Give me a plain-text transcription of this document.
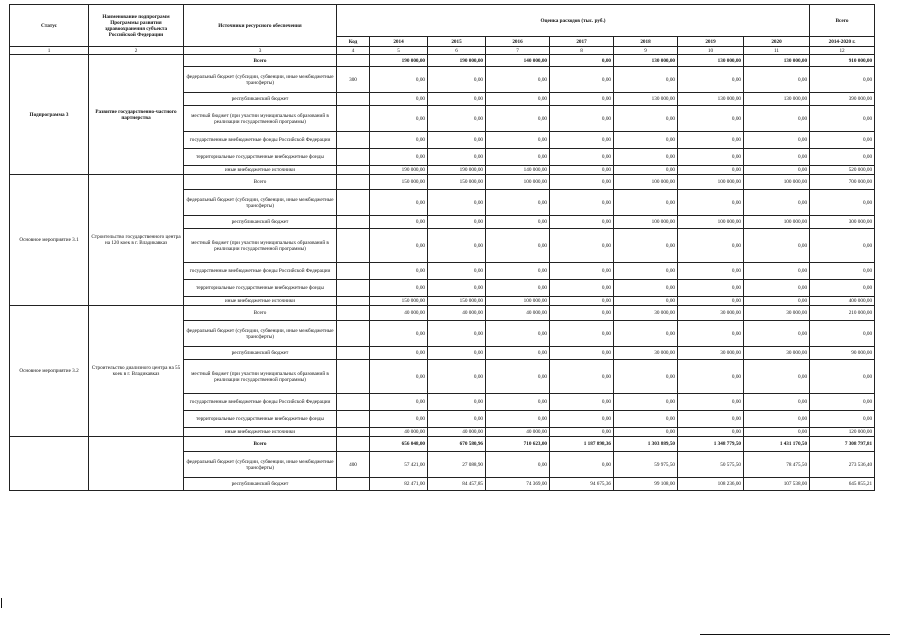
Статус	Наименование подпрограмм Программы развития здравоохранения субъекта Российской Федерации	Источники ресурсного обеспечения	Оценка расходов (тыс. руб.)								Всего
			Код	2014	2015	2016	2017	2018	2019	2020	2014-2020 г.
1	2	3	4	5	6	7	8	9	10	11	12
Подпрограмма 3	Развитие государственно-частного партнерства	Всего		190 000,00	190 000,00	140 000,00	0,00	130 000,00	130 000,00	130 000,00	910 000,00
		федеральный бюджет (субсидии, субвенции, иные межбюджетные трансферты)	300	0,00	0,00	0,00	0,00	0,00	0,00	0,00	0,00
		республиканский бюджет		0,00	0,00	0,00	0,00	130 000,00	130 000,00	130 000,00	390 000,00
		местный бюджет (при участии муниципальных образований в реализации государственной программы)		0,00	0,00	0,00	0,00	0,00	0,00	0,00	0,00
		государственные внебюджетные фонды Российской Федерации		0,00	0,00	0,00	0,00	0,00	0,00	0,00	0,00
		территориальные государственные внебюджетные фонды		0,00	0,00	0,00	0,00	0,00	0,00	0,00	0,00
		иные внебюджетные источники		190 000,00	190 000,00	140 000,00	0,00	0,00	0,00	0,00	520 000,00
Основное мероприятие 3.1	Строительство государственного центра на 120 коек в г. Владикавказ	Всего		150 000,00	150 000,00	100 000,00	0,00	100 000,00	100 000,00	100 000,00	700 000,00
		федеральный бюджет (субсидии, субвенции, иные межбюджетные трансферты)		0,00	0,00	0,00	0,00	0,00	0,00	0,00	0,00
		республиканский бюджет		0,00	0,00	0,00	0,00	100 000,00	100 000,00	100 000,00	300 000,00
		местный бюджет (при участии муниципальных образований в реализации государственной программы)		0,00	0,00	0,00	0,00	0,00	0,00	0,00	0,00
		государственные внебюджетные фонды Российской Федерации		0,00	0,00	0,00	0,00	0,00	0,00	0,00	0,00
		территориальные государственные внебюджетные фонды		0,00	0,00	0,00	0,00	0,00	0,00	0,00	0,00
		иные внебюджетные источники		150 000,00	150 000,00	100 000,00	0,00	0,00	0,00	0,00	400 000,00
Основное мероприятие 3.2	Строительство диализного центра на 55 коек в г. Владикавказ	Всего		40 000,00	40 000,00	40 000,00	0,00	30 000,00	30 000,00	30 000,00	210 000,00
		федеральный бюджет (субсидии, субвенции, иные межбюджетные трансферты)		0,00	0,00	0,00	0,00	0,00	0,00	0,00	0,00
		республиканский бюджет		0,00	0,00	0,00	0,00	30 000,00	30 000,00	30 000,00	90 000,00
		местный бюджет (при участии муниципальных образований в реализации государственной программы)		0,00	0,00	0,00	0,00	0,00	0,00	0,00	0,00
		государственные внебюджетные фонды Российской Федерации		0,00	0,00	0,00	0,00	0,00	0,00	0,00	0,00
		территориальные государственные внебюджетные фонды		0,00	0,00	0,00	0,00	0,00	0,00	0,00	0,00
		иные внебюджетные источники		40 000,00	40 000,00	40 000,00	0,00	0,00	0,00	0,00	120 000,00
		Всего		656 048,00	670 580,96	710 623,00	1 187 898,36	1 303 889,50	1 348 779,50	1 431 170,50	7 308 797,81
		федеральный бюджет (субсидии, субвенции, иные межбюджетные трансферты)	400	57 421,00	27 088,90	0,00	0,00	59 975,50	50 575,50	78 475,50	273 536,40
		республиканский бюджет		82 471,00	84 457,85	74 369,00	94 675,36	99 108,00	108 236,00	107 538,00	645 855,21
